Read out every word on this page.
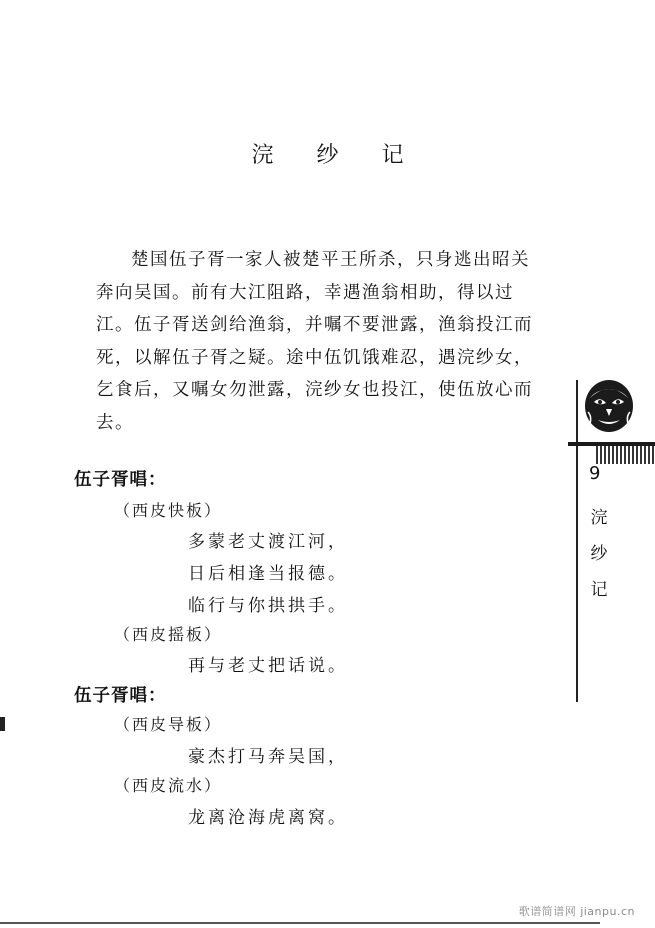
浣 纱 记

楚国伍子胥一家人被楚平王所杀，只身逃出昭关奔向吴国。前有大江阻路，幸遇渔翁相助，得以过江。伍子胥送剑给渔翁，并嘱不要泄露，渔翁投江而死，以解伍子胥之疑。途中伍饥饿难忍，遇浣纱女，乞食后，又嘱女勿泄露，浣纱女也投江，使伍放心而去。

伍子胥唱：
（西皮快板）
多蒙老丈渡江河，
日后相逢当报德。
临行与你拱拱手。
（西皮摇板）
再与老丈把话说。
伍子胥唱：
（西皮导板）
豪杰打马奔吴国，
（西皮流水）
龙离沧海虎离窝。
9
浣纱记
歌谱简谱网 jianpu.cn
